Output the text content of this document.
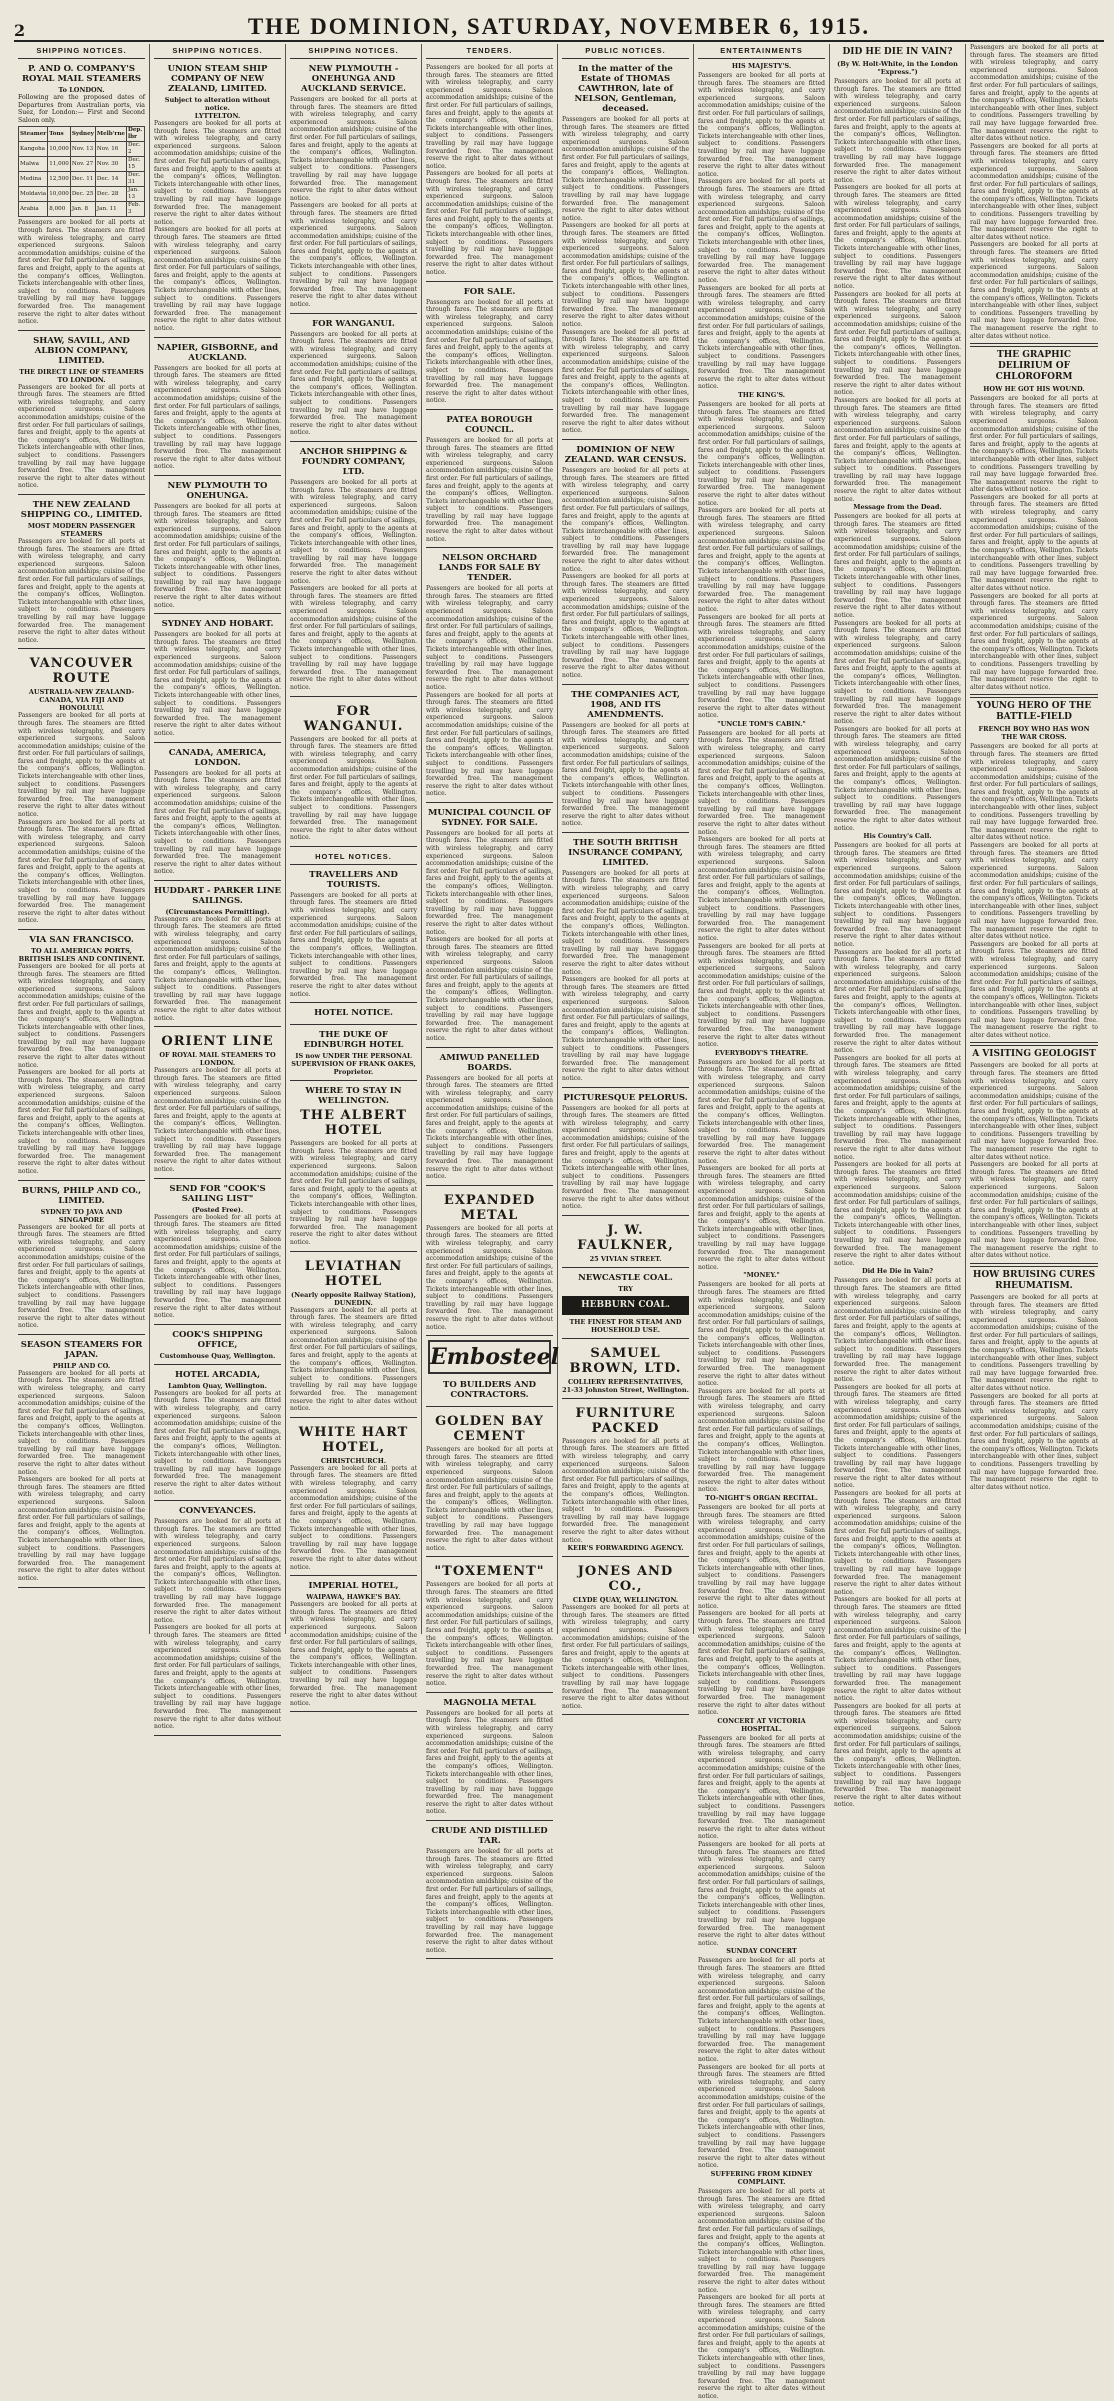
2	THE DOMINION, SATURDAY, NOVEMBER 6, 1915.
SHIPPING NOTICES.
P. AND O. COMPANY'S ROYAL MAIL STEAMERS
To LONDON.
Following are the proposed dates of Departures from Australian ports, via Suez, for London:— First and Second Saloon only.
Steamer	Tons	Sydney	Melb'rne	Dep. lbr
Kangoha	10,000	Nov. 13	Nov. 16	Dec. 2
Malwa	11,000	Nov. 27	Nov. 30	Dec. 15
Medina	12,500	Dec. 11	Dec. 14	Dec. 31
Moldavia	10,000	Dec. 25	Dec. 28	Jan. 13
Arabia	8,000	Jan. 8	Jan. 11	Feb. 3
Passengers are booked for all ports at through fares. The steamers are fitted with wireless telegraphy, and carry experienced surgeons. Saloon accommodation amidships; cuisine of the first order. For full particulars of sailings, fares and freight, apply to the agents at the company's offices, Wellington. Tickets interchangeable with other lines, subject to conditions. Passengers travelling by rail may have luggage forwarded free. The management reserve the right to alter dates without notice.
SHAW, SAVILL, AND ALBION COMPANY, LIMITED.
THE DIRECT LINE OF STEAMERS TO LONDON.
Passengers are booked for all ports at through fares. The steamers are fitted with wireless telegraphy, and carry experienced surgeons. Saloon accommodation amidships; cuisine of the first order. For full particulars of sailings, fares and freight, apply to the agents at the company's offices, Wellington. Tickets interchangeable with other lines, subject to conditions. Passengers travelling by rail may have luggage forwarded free. The management reserve the right to alter dates without notice.
THE NEW ZEALAND SHIPPING CO., LIMITED.
MOST MODERN PASSENGER STEAMERS
Passengers are booked for all ports at through fares. The steamers are fitted with wireless telegraphy, and carry experienced surgeons. Saloon accommodation amidships; cuisine of the first order. For full particulars of sailings, fares and freight, apply to the agents at the company's offices, Wellington. Tickets interchangeable with other lines, subject to conditions. Passengers travelling by rail may have luggage forwarded free. The management reserve the right to alter dates without notice.
VANCOUVER ROUTE
AUSTRALIA-NEW ZEALAND-CANADA, VIA FIJI AND HONOLULU.
Passengers are booked for all ports at through fares. The steamers are fitted with wireless telegraphy, and carry experienced surgeons. Saloon accommodation amidships; cuisine of the first order. For full particulars of sailings, fares and freight, apply to the agents at the company's offices, Wellington. Tickets interchangeable with other lines, subject to conditions. Passengers travelling by rail may have luggage forwarded free. The management reserve the right to alter dates without notice.
Passengers are booked for all ports at through fares. The steamers are fitted with wireless telegraphy, and carry experienced surgeons. Saloon accommodation amidships; cuisine of the first order. For full particulars of sailings, fares and freight, apply to the agents at the company's offices, Wellington. Tickets interchangeable with other lines, subject to conditions. Passengers travelling by rail may have luggage forwarded free. The management reserve the right to alter dates without notice.
VIA SAN FRANCISCO.
TO ALL AMERICAN PORTS, BRITISH ISLES AND CONTINENT.
Passengers are booked for all ports at through fares. The steamers are fitted with wireless telegraphy, and carry experienced surgeons. Saloon accommodation amidships; cuisine of the first order. For full particulars of sailings, fares and freight, apply to the agents at the company's offices, Wellington. Tickets interchangeable with other lines, subject to conditions. Passengers travelling by rail may have luggage forwarded free. The management reserve the right to alter dates without notice.
Passengers are booked for all ports at through fares. The steamers are fitted with wireless telegraphy, and carry experienced surgeons. Saloon accommodation amidships; cuisine of the first order. For full particulars of sailings, fares and freight, apply to the agents at the company's offices, Wellington. Tickets interchangeable with other lines, subject to conditions. Passengers travelling by rail may have luggage forwarded free. The management reserve the right to alter dates without notice.
BURNS, PHILP AND CO., LIMITED.
SYDNEY TO JAVA AND SINGAPORE
Passengers are booked for all ports at through fares. The steamers are fitted with wireless telegraphy, and carry experienced surgeons. Saloon accommodation amidships; cuisine of the first order. For full particulars of sailings, fares and freight, apply to the agents at the company's offices, Wellington. Tickets interchangeable with other lines, subject to conditions. Passengers travelling by rail may have luggage forwarded free. The management reserve the right to alter dates without notice.
SEASON STEAMERS FOR JAPAN.
PHILP AND CO.
Passengers are booked for all ports at through fares. The steamers are fitted with wireless telegraphy, and carry experienced surgeons. Saloon accommodation amidships; cuisine of the first order. For full particulars of sailings, fares and freight, apply to the agents at the company's offices, Wellington. Tickets interchangeable with other lines, subject to conditions. Passengers travelling by rail may have luggage forwarded free. The management reserve the right to alter dates without notice.
Passengers are booked for all ports at through fares. The steamers are fitted with wireless telegraphy, and carry experienced surgeons. Saloon accommodation amidships; cuisine of the first order. For full particulars of sailings, fares and freight, apply to the agents at the company's offices, Wellington. Tickets interchangeable with other lines, subject to conditions. Passengers travelling by rail may have luggage forwarded free. The management reserve the right to alter dates without notice.
SHIPPING NOTICES.
UNION STEAM SHIP COMPANY OF NEW ZEALAND, LIMITED.
Subject to alteration without notice.
LYTTELTON.
Passengers are booked for all ports at through fares. The steamers are fitted with wireless telegraphy, and carry experienced surgeons. Saloon accommodation amidships; cuisine of the first order. For full particulars of sailings, fares and freight, apply to the agents at the company's offices, Wellington. Tickets interchangeable with other lines, subject to conditions. Passengers travelling by rail may have luggage forwarded free. The management reserve the right to alter dates without notice.
Passengers are booked for all ports at through fares. The steamers are fitted with wireless telegraphy, and carry experienced surgeons. Saloon accommodation amidships; cuisine of the first order. For full particulars of sailings, fares and freight, apply to the agents at the company's offices, Wellington. Tickets interchangeable with other lines, subject to conditions. Passengers travelling by rail may have luggage forwarded free. The management reserve the right to alter dates without notice.
NAPIER, GISBORNE, and AUCKLAND.
Passengers are booked for all ports at through fares. The steamers are fitted with wireless telegraphy, and carry experienced surgeons. Saloon accommodation amidships; cuisine of the first order. For full particulars of sailings, fares and freight, apply to the agents at the company's offices, Wellington. Tickets interchangeable with other lines, subject to conditions. Passengers travelling by rail may have luggage forwarded free. The management reserve the right to alter dates without notice.
NEW PLYMOUTH TO ONEHUNGA.
Passengers are booked for all ports at through fares. The steamers are fitted with wireless telegraphy, and carry experienced surgeons. Saloon accommodation amidships; cuisine of the first order. For full particulars of sailings, fares and freight, apply to the agents at the company's offices, Wellington. Tickets interchangeable with other lines, subject to conditions. Passengers travelling by rail may have luggage forwarded free. The management reserve the right to alter dates without notice.
SYDNEY AND HOBART.
Passengers are booked for all ports at through fares. The steamers are fitted with wireless telegraphy, and carry experienced surgeons. Saloon accommodation amidships; cuisine of the first order. For full particulars of sailings, fares and freight, apply to the agents at the company's offices, Wellington. Tickets interchangeable with other lines, subject to conditions. Passengers travelling by rail may have luggage forwarded free. The management reserve the right to alter dates without notice.
CANADA, AMERICA, LONDON.
Passengers are booked for all ports at through fares. The steamers are fitted with wireless telegraphy, and carry experienced surgeons. Saloon accommodation amidships; cuisine of the first order. For full particulars of sailings, fares and freight, apply to the agents at the company's offices, Wellington. Tickets interchangeable with other lines, subject to conditions. Passengers travelling by rail may have luggage forwarded free. The management reserve the right to alter dates without notice.
HUDDART - PARKER LINE SAILINGS.
(Circumstances Permitting).
Passengers are booked for all ports at through fares. The steamers are fitted with wireless telegraphy, and carry experienced surgeons. Saloon accommodation amidships; cuisine of the first order. For full particulars of sailings, fares and freight, apply to the agents at the company's offices, Wellington. Tickets interchangeable with other lines, subject to conditions. Passengers travelling by rail may have luggage forwarded free. The management reserve the right to alter dates without notice.
ORIENT LINE
OF ROYAL MAIL STEAMERS TO LONDON.
Passengers are booked for all ports at through fares. The steamers are fitted with wireless telegraphy, and carry experienced surgeons. Saloon accommodation amidships; cuisine of the first order. For full particulars of sailings, fares and freight, apply to the agents at the company's offices, Wellington. Tickets interchangeable with other lines, subject to conditions. Passengers travelling by rail may have luggage forwarded free. The management reserve the right to alter dates without notice.
SEND FOR "COOK'S SAILING LIST"
(Posted Free).
Passengers are booked for all ports at through fares. The steamers are fitted with wireless telegraphy, and carry experienced surgeons. Saloon accommodation amidships; cuisine of the first order. For full particulars of sailings, fares and freight, apply to the agents at the company's offices, Wellington. Tickets interchangeable with other lines, subject to conditions. Passengers travelling by rail may have luggage forwarded free. The management reserve the right to alter dates without notice.
COOK'S SHIPPING OFFICE,
Customhouse Quay, Wellington.
HOTEL ARCADIA,
Lambton Quay, Wellington.
Passengers are booked for all ports at through fares. The steamers are fitted with wireless telegraphy, and carry experienced surgeons. Saloon accommodation amidships; cuisine of the first order. For full particulars of sailings, fares and freight, apply to the agents at the company's offices, Wellington. Tickets interchangeable with other lines, subject to conditions. Passengers travelling by rail may have luggage forwarded free. The management reserve the right to alter dates without notice.
CONVEYANCES.
Passengers are booked for all ports at through fares. The steamers are fitted with wireless telegraphy, and carry experienced surgeons. Saloon accommodation amidships; cuisine of the first order. For full particulars of sailings, fares and freight, apply to the agents at the company's offices, Wellington. Tickets interchangeable with other lines, subject to conditions. Passengers travelling by rail may have luggage forwarded free. The management reserve the right to alter dates without notice.
Passengers are booked for all ports at through fares. The steamers are fitted with wireless telegraphy, and carry experienced surgeons. Saloon accommodation amidships; cuisine of the first order. For full particulars of sailings, fares and freight, apply to the agents at the company's offices, Wellington. Tickets interchangeable with other lines, subject to conditions. Passengers travelling by rail may have luggage forwarded free. The management reserve the right to alter dates without notice.
SHIPPING NOTICES.
NEW PLYMOUTH - ONEHUNGA AND AUCKLAND SERVICE.
Passengers are booked for all ports at through fares. The steamers are fitted with wireless telegraphy, and carry experienced surgeons. Saloon accommodation amidships; cuisine of the first order. For full particulars of sailings, fares and freight, apply to the agents at the company's offices, Wellington. Tickets interchangeable with other lines, subject to conditions. Passengers travelling by rail may have luggage forwarded free. The management reserve the right to alter dates without notice.
Passengers are booked for all ports at through fares. The steamers are fitted with wireless telegraphy, and carry experienced surgeons. Saloon accommodation amidships; cuisine of the first order. For full particulars of sailings, fares and freight, apply to the agents at the company's offices, Wellington. Tickets interchangeable with other lines, subject to conditions. Passengers travelling by rail may have luggage forwarded free. The management reserve the right to alter dates without notice.
FOR WANGANUI.
Passengers are booked for all ports at through fares. The steamers are fitted with wireless telegraphy, and carry experienced surgeons. Saloon accommodation amidships; cuisine of the first order. For full particulars of sailings, fares and freight, apply to the agents at the company's offices, Wellington. Tickets interchangeable with other lines, subject to conditions. Passengers travelling by rail may have luggage forwarded free. The management reserve the right to alter dates without notice.
ANCHOR SHIPPING & FOUNDRY COMPANY, LTD.
Passengers are booked for all ports at through fares. The steamers are fitted with wireless telegraphy, and carry experienced surgeons. Saloon accommodation amidships; cuisine of the first order. For full particulars of sailings, fares and freight, apply to the agents at the company's offices, Wellington. Tickets interchangeable with other lines, subject to conditions. Passengers travelling by rail may have luggage forwarded free. The management reserve the right to alter dates without notice.
Passengers are booked for all ports at through fares. The steamers are fitted with wireless telegraphy, and carry experienced surgeons. Saloon accommodation amidships; cuisine of the first order. For full particulars of sailings, fares and freight, apply to the agents at the company's offices, Wellington. Tickets interchangeable with other lines, subject to conditions. Passengers travelling by rail may have luggage forwarded free. The management reserve the right to alter dates without notice.
FOR WANGANUI.
Passengers are booked for all ports at through fares. The steamers are fitted with wireless telegraphy, and carry experienced surgeons. Saloon accommodation amidships; cuisine of the first order. For full particulars of sailings, fares and freight, apply to the agents at the company's offices, Wellington. Tickets interchangeable with other lines, subject to conditions. Passengers travelling by rail may have luggage forwarded free. The management reserve the right to alter dates without notice.
HOTEL NOTICES.
TRAVELLERS AND TOURISTS.
Passengers are booked for all ports at through fares. The steamers are fitted with wireless telegraphy, and carry experienced surgeons. Saloon accommodation amidships; cuisine of the first order. For full particulars of sailings, fares and freight, apply to the agents at the company's offices, Wellington. Tickets interchangeable with other lines, subject to conditions. Passengers travelling by rail may have luggage forwarded free. The management reserve the right to alter dates without notice.
HOTEL NOTICE.
THE DUKE OF EDINBURGH HOTEL
IS now UNDER THE PERSONAL SUPERVISION OF FRANK OAKES, Proprietor.
WHERE TO STAY IN WELLINGTON.
THE ALBERT HOTEL
Passengers are booked for all ports at through fares. The steamers are fitted with wireless telegraphy, and carry experienced surgeons. Saloon accommodation amidships; cuisine of the first order. For full particulars of sailings, fares and freight, apply to the agents at the company's offices, Wellington. Tickets interchangeable with other lines, subject to conditions. Passengers travelling by rail may have luggage forwarded free. The management reserve the right to alter dates without notice.
LEVIATHAN HOTEL
(Nearly opposite Railway Station), DUNEDIN.
Passengers are booked for all ports at through fares. The steamers are fitted with wireless telegraphy, and carry experienced surgeons. Saloon accommodation amidships; cuisine of the first order. For full particulars of sailings, fares and freight, apply to the agents at the company's offices, Wellington. Tickets interchangeable with other lines, subject to conditions. Passengers travelling by rail may have luggage forwarded free. The management reserve the right to alter dates without notice.
WHITE HART HOTEL,
CHRISTCHURCH.
Passengers are booked for all ports at through fares. The steamers are fitted with wireless telegraphy, and carry experienced surgeons. Saloon accommodation amidships; cuisine of the first order. For full particulars of sailings, fares and freight, apply to the agents at the company's offices, Wellington. Tickets interchangeable with other lines, subject to conditions. Passengers travelling by rail may have luggage forwarded free. The management reserve the right to alter dates without notice.
IMPERIAL HOTEL,
WAIPAWA, HAWKE'S BAY.
Passengers are booked for all ports at through fares. The steamers are fitted with wireless telegraphy, and carry experienced surgeons. Saloon accommodation amidships; cuisine of the first order. For full particulars of sailings, fares and freight, apply to the agents at the company's offices, Wellington. Tickets interchangeable with other lines, subject to conditions. Passengers travelling by rail may have luggage forwarded free. The management reserve the right to alter dates without notice.
TENDERS.
Passengers are booked for all ports at through fares. The steamers are fitted with wireless telegraphy, and carry experienced surgeons. Saloon accommodation amidships; cuisine of the first order. For full particulars of sailings, fares and freight, apply to the agents at the company's offices, Wellington. Tickets interchangeable with other lines, subject to conditions. Passengers travelling by rail may have luggage forwarded free. The management reserve the right to alter dates without notice.
Passengers are booked for all ports at through fares. The steamers are fitted with wireless telegraphy, and carry experienced surgeons. Saloon accommodation amidships; cuisine of the first order. For full particulars of sailings, fares and freight, apply to the agents at the company's offices, Wellington. Tickets interchangeable with other lines, subject to conditions. Passengers travelling by rail may have luggage forwarded free. The management reserve the right to alter dates without notice.
FOR SALE.
Passengers are booked for all ports at through fares. The steamers are fitted with wireless telegraphy, and carry experienced surgeons. Saloon accommodation amidships; cuisine of the first order. For full particulars of sailings, fares and freight, apply to the agents at the company's offices, Wellington. Tickets interchangeable with other lines, subject to conditions. Passengers travelling by rail may have luggage forwarded free. The management reserve the right to alter dates without notice.
PATEA BOROUGH COUNCIL.
Passengers are booked for all ports at through fares. The steamers are fitted with wireless telegraphy, and carry experienced surgeons. Saloon accommodation amidships; cuisine of the first order. For full particulars of sailings, fares and freight, apply to the agents at the company's offices, Wellington. Tickets interchangeable with other lines, subject to conditions. Passengers travelling by rail may have luggage forwarded free. The management reserve the right to alter dates without notice.
NELSON ORCHARD LANDS FOR SALE BY TENDER.
Passengers are booked for all ports at through fares. The steamers are fitted with wireless telegraphy, and carry experienced surgeons. Saloon accommodation amidships; cuisine of the first order. For full particulars of sailings, fares and freight, apply to the agents at the company's offices, Wellington. Tickets interchangeable with other lines, subject to conditions. Passengers travelling by rail may have luggage forwarded free. The management reserve the right to alter dates without notice.
Passengers are booked for all ports at through fares. The steamers are fitted with wireless telegraphy, and carry experienced surgeons. Saloon accommodation amidships; cuisine of the first order. For full particulars of sailings, fares and freight, apply to the agents at the company's offices, Wellington. Tickets interchangeable with other lines, subject to conditions. Passengers travelling by rail may have luggage forwarded free. The management reserve the right to alter dates without notice.
MUNICIPAL COUNCIL OF SYDNEY. FOR SALE.
Passengers are booked for all ports at through fares. The steamers are fitted with wireless telegraphy, and carry experienced surgeons. Saloon accommodation amidships; cuisine of the first order. For full particulars of sailings, fares and freight, apply to the agents at the company's offices, Wellington. Tickets interchangeable with other lines, subject to conditions. Passengers travelling by rail may have luggage forwarded free. The management reserve the right to alter dates without notice.
Passengers are booked for all ports at through fares. The steamers are fitted with wireless telegraphy, and carry experienced surgeons. Saloon accommodation amidships; cuisine of the first order. For full particulars of sailings, fares and freight, apply to the agents at the company's offices, Wellington. Tickets interchangeable with other lines, subject to conditions. Passengers travelling by rail may have luggage forwarded free. The management reserve the right to alter dates without notice.
AMIWUD PANELLED BOARDS.
Passengers are booked for all ports at through fares. The steamers are fitted with wireless telegraphy, and carry experienced surgeons. Saloon accommodation amidships; cuisine of the first order. For full particulars of sailings, fares and freight, apply to the agents at the company's offices, Wellington. Tickets interchangeable with other lines, subject to conditions. Passengers travelling by rail may have luggage forwarded free. The management reserve the right to alter dates without notice.
EXPANDED METAL
Passengers are booked for all ports at through fares. The steamers are fitted with wireless telegraphy, and carry experienced surgeons. Saloon accommodation amidships; cuisine of the first order. For full particulars of sailings, fares and freight, apply to the agents at the company's offices, Wellington. Tickets interchangeable with other lines, subject to conditions. Passengers travelling by rail may have luggage forwarded free. The management reserve the right to alter dates without notice.
Embosteel
TO BUILDERS AND CONTRACTORS.
GOLDEN BAY CEMENT
Passengers are booked for all ports at through fares. The steamers are fitted with wireless telegraphy, and carry experienced surgeons. Saloon accommodation amidships; cuisine of the first order. For full particulars of sailings, fares and freight, apply to the agents at the company's offices, Wellington. Tickets interchangeable with other lines, subject to conditions. Passengers travelling by rail may have luggage forwarded free. The management reserve the right to alter dates without notice.
"TOXEMENT"
Passengers are booked for all ports at through fares. The steamers are fitted with wireless telegraphy, and carry experienced surgeons. Saloon accommodation amidships; cuisine of the first order. For full particulars of sailings, fares and freight, apply to the agents at the company's offices, Wellington. Tickets interchangeable with other lines, subject to conditions. Passengers travelling by rail may have luggage forwarded free. The management reserve the right to alter dates without notice.
MAGNOLIA METAL
Passengers are booked for all ports at through fares. The steamers are fitted with wireless telegraphy, and carry experienced surgeons. Saloon accommodation amidships; cuisine of the first order. For full particulars of sailings, fares and freight, apply to the agents at the company's offices, Wellington. Tickets interchangeable with other lines, subject to conditions. Passengers travelling by rail may have luggage forwarded free. The management reserve the right to alter dates without notice.
CRUDE AND DISTILLED TAR.
Passengers are booked for all ports at through fares. The steamers are fitted with wireless telegraphy, and carry experienced surgeons. Saloon accommodation amidships; cuisine of the first order. For full particulars of sailings, fares and freight, apply to the agents at the company's offices, Wellington. Tickets interchangeable with other lines, subject to conditions. Passengers travelling by rail may have luggage forwarded free. The management reserve the right to alter dates without notice.
PUBLIC NOTICES.
In the matter of the Estate of THOMAS CAWTHRON, late of NELSON, Gentleman, deceased.
Passengers are booked for all ports at through fares. The steamers are fitted with wireless telegraphy, and carry experienced surgeons. Saloon accommodation amidships; cuisine of the first order. For full particulars of sailings, fares and freight, apply to the agents at the company's offices, Wellington. Tickets interchangeable with other lines, subject to conditions. Passengers travelling by rail may have luggage forwarded free. The management reserve the right to alter dates without notice.
Passengers are booked for all ports at through fares. The steamers are fitted with wireless telegraphy, and carry experienced surgeons. Saloon accommodation amidships; cuisine of the first order. For full particulars of sailings, fares and freight, apply to the agents at the company's offices, Wellington. Tickets interchangeable with other lines, subject to conditions. Passengers travelling by rail may have luggage forwarded free. The management reserve the right to alter dates without notice.
Passengers are booked for all ports at through fares. The steamers are fitted with wireless telegraphy, and carry experienced surgeons. Saloon accommodation amidships; cuisine of the first order. For full particulars of sailings, fares and freight, apply to the agents at the company's offices, Wellington. Tickets interchangeable with other lines, subject to conditions. Passengers travelling by rail may have luggage forwarded free. The management reserve the right to alter dates without notice.
DOMINION OF NEW ZEALAND. WAR CENSUS.
Passengers are booked for all ports at through fares. The steamers are fitted with wireless telegraphy, and carry experienced surgeons. Saloon accommodation amidships; cuisine of the first order. For full particulars of sailings, fares and freight, apply to the agents at the company's offices, Wellington. Tickets interchangeable with other lines, subject to conditions. Passengers travelling by rail may have luggage forwarded free. The management reserve the right to alter dates without notice.
Passengers are booked for all ports at through fares. The steamers are fitted with wireless telegraphy, and carry experienced surgeons. Saloon accommodation amidships; cuisine of the first order. For full particulars of sailings, fares and freight, apply to the agents at the company's offices, Wellington. Tickets interchangeable with other lines, subject to conditions. Passengers travelling by rail may have luggage forwarded free. The management reserve the right to alter dates without notice.
THE COMPANIES ACT, 1908, AND ITS AMENDMENTS.
Passengers are booked for all ports at through fares. The steamers are fitted with wireless telegraphy, and carry experienced surgeons. Saloon accommodation amidships; cuisine of the first order. For full particulars of sailings, fares and freight, apply to the agents at the company's offices, Wellington. Tickets interchangeable with other lines, subject to conditions. Passengers travelling by rail may have luggage forwarded free. The management reserve the right to alter dates without notice.
THE SOUTH BRITISH INSURANCE COMPANY, LIMITED.
Passengers are booked for all ports at through fares. The steamers are fitted with wireless telegraphy, and carry experienced surgeons. Saloon accommodation amidships; cuisine of the first order. For full particulars of sailings, fares and freight, apply to the agents at the company's offices, Wellington. Tickets interchangeable with other lines, subject to conditions. Passengers travelling by rail may have luggage forwarded free. The management reserve the right to alter dates without notice.
Passengers are booked for all ports at through fares. The steamers are fitted with wireless telegraphy, and carry experienced surgeons. Saloon accommodation amidships; cuisine of the first order. For full particulars of sailings, fares and freight, apply to the agents at the company's offices, Wellington. Tickets interchangeable with other lines, subject to conditions. Passengers travelling by rail may have luggage forwarded free. The management reserve the right to alter dates without notice.
PICTURESQUE PELORUS.
Passengers are booked for all ports at through fares. The steamers are fitted with wireless telegraphy, and carry experienced surgeons. Saloon accommodation amidships; cuisine of the first order. For full particulars of sailings, fares and freight, apply to the agents at the company's offices, Wellington. Tickets interchangeable with other lines, subject to conditions. Passengers travelling by rail may have luggage forwarded free. The management reserve the right to alter dates without notice.
J. W. FAULKNER,
25 VIVIAN STREET.
NEWCASTLE COAL.
TRY
HEBBURN COAL.
THE FINEST FOR STEAM AND HOUSEHOLD USE.
SAMUEL BROWN, LTD.
COLLIERY REPRESENTATIVES, 21-33 Johnston Street, Wellington.
FURNITURE PACKED
Passengers are booked for all ports at through fares. The steamers are fitted with wireless telegraphy, and carry experienced surgeons. Saloon accommodation amidships; cuisine of the first order. For full particulars of sailings, fares and freight, apply to the agents at the company's offices, Wellington. Tickets interchangeable with other lines, subject to conditions. Passengers travelling by rail may have luggage forwarded free. The management reserve the right to alter dates without notice.
KEIR'S FORWARDING AGENCY.
JONES AND CO.,
CLYDE QUAY, WELLINGTON.
Passengers are booked for all ports at through fares. The steamers are fitted with wireless telegraphy, and carry experienced surgeons. Saloon accommodation amidships; cuisine of the first order. For full particulars of sailings, fares and freight, apply to the agents at the company's offices, Wellington. Tickets interchangeable with other lines, subject to conditions. Passengers travelling by rail may have luggage forwarded free. The management reserve the right to alter dates without notice.
ENTERTAINMENTS
HIS MAJESTY'S.
Passengers are booked for all ports at through fares. The steamers are fitted with wireless telegraphy, and carry experienced surgeons. Saloon accommodation amidships; cuisine of the first order. For full particulars of sailings, fares and freight, apply to the agents at the company's offices, Wellington. Tickets interchangeable with other lines, subject to conditions. Passengers travelling by rail may have luggage forwarded free. The management reserve the right to alter dates without notice.
Passengers are booked for all ports at through fares. The steamers are fitted with wireless telegraphy, and carry experienced surgeons. Saloon accommodation amidships; cuisine of the first order. For full particulars of sailings, fares and freight, apply to the agents at the company's offices, Wellington. Tickets interchangeable with other lines, subject to conditions. Passengers travelling by rail may have luggage forwarded free. The management reserve the right to alter dates without notice.
Passengers are booked for all ports at through fares. The steamers are fitted with wireless telegraphy, and carry experienced surgeons. Saloon accommodation amidships; cuisine of the first order. For full particulars of sailings, fares and freight, apply to the agents at the company's offices, Wellington. Tickets interchangeable with other lines, subject to conditions. Passengers travelling by rail may have luggage forwarded free. The management reserve the right to alter dates without notice.
THE KING'S.
Passengers are booked for all ports at through fares. The steamers are fitted with wireless telegraphy, and carry experienced surgeons. Saloon accommodation amidships; cuisine of the first order. For full particulars of sailings, fares and freight, apply to the agents at the company's offices, Wellington. Tickets interchangeable with other lines, subject to conditions. Passengers travelling by rail may have luggage forwarded free. The management reserve the right to alter dates without notice.
Passengers are booked for all ports at through fares. The steamers are fitted with wireless telegraphy, and carry experienced surgeons. Saloon accommodation amidships; cuisine of the first order. For full particulars of sailings, fares and freight, apply to the agents at the company's offices, Wellington. Tickets interchangeable with other lines, subject to conditions. Passengers travelling by rail may have luggage forwarded free. The management reserve the right to alter dates without notice.
Passengers are booked for all ports at through fares. The steamers are fitted with wireless telegraphy, and carry experienced surgeons. Saloon accommodation amidships; cuisine of the first order. For full particulars of sailings, fares and freight, apply to the agents at the company's offices, Wellington. Tickets interchangeable with other lines, subject to conditions. Passengers travelling by rail may have luggage forwarded free. The management reserve the right to alter dates without notice.
"UNCLE TOM'S CABIN."
Passengers are booked for all ports at through fares. The steamers are fitted with wireless telegraphy, and carry experienced surgeons. Saloon accommodation amidships; cuisine of the first order. For full particulars of sailings, fares and freight, apply to the agents at the company's offices, Wellington. Tickets interchangeable with other lines, subject to conditions. Passengers travelling by rail may have luggage forwarded free. The management reserve the right to alter dates without notice.
Passengers are booked for all ports at through fares. The steamers are fitted with wireless telegraphy, and carry experienced surgeons. Saloon accommodation amidships; cuisine of the first order. For full particulars of sailings, fares and freight, apply to the agents at the company's offices, Wellington. Tickets interchangeable with other lines, subject to conditions. Passengers travelling by rail may have luggage forwarded free. The management reserve the right to alter dates without notice.
Passengers are booked for all ports at through fares. The steamers are fitted with wireless telegraphy, and carry experienced surgeons. Saloon accommodation amidships; cuisine of the first order. For full particulars of sailings, fares and freight, apply to the agents at the company's offices, Wellington. Tickets interchangeable with other lines, subject to conditions. Passengers travelling by rail may have luggage forwarded free. The management reserve the right to alter dates without notice.
EVERYBODY'S THEATRE.
Passengers are booked for all ports at through fares. The steamers are fitted with wireless telegraphy, and carry experienced surgeons. Saloon accommodation amidships; cuisine of the first order. For full particulars of sailings, fares and freight, apply to the agents at the company's offices, Wellington. Tickets interchangeable with other lines, subject to conditions. Passengers travelling by rail may have luggage forwarded free. The management reserve the right to alter dates without notice.
Passengers are booked for all ports at through fares. The steamers are fitted with wireless telegraphy, and carry experienced surgeons. Saloon accommodation amidships; cuisine of the first order. For full particulars of sailings, fares and freight, apply to the agents at the company's offices, Wellington. Tickets interchangeable with other lines, subject to conditions. Passengers travelling by rail may have luggage forwarded free. The management reserve the right to alter dates without notice.
"MONEY."
Passengers are booked for all ports at through fares. The steamers are fitted with wireless telegraphy, and carry experienced surgeons. Saloon accommodation amidships; cuisine of the first order. For full particulars of sailings, fares and freight, apply to the agents at the company's offices, Wellington. Tickets interchangeable with other lines, subject to conditions. Passengers travelling by rail may have luggage forwarded free. The management reserve the right to alter dates without notice.
Passengers are booked for all ports at through fares. The steamers are fitted with wireless telegraphy, and carry experienced surgeons. Saloon accommodation amidships; cuisine of the first order. For full particulars of sailings, fares and freight, apply to the agents at the company's offices, Wellington. Tickets interchangeable with other lines, subject to conditions. Passengers travelling by rail may have luggage forwarded free. The management reserve the right to alter dates without notice.
TO-NIGHT'S ORGAN RECITAL.
Passengers are booked for all ports at through fares. The steamers are fitted with wireless telegraphy, and carry experienced surgeons. Saloon accommodation amidships; cuisine of the first order. For full particulars of sailings, fares and freight, apply to the agents at the company's offices, Wellington. Tickets interchangeable with other lines, subject to conditions. Passengers travelling by rail may have luggage forwarded free. The management reserve the right to alter dates without notice.
Passengers are booked for all ports at through fares. The steamers are fitted with wireless telegraphy, and carry experienced surgeons. Saloon accommodation amidships; cuisine of the first order. For full particulars of sailings, fares and freight, apply to the agents at the company's offices, Wellington. Tickets interchangeable with other lines, subject to conditions. Passengers travelling by rail may have luggage forwarded free. The management reserve the right to alter dates without notice.
CONCERT AT VICTORIA HOSPITAL.
Passengers are booked for all ports at through fares. The steamers are fitted with wireless telegraphy, and carry experienced surgeons. Saloon accommodation amidships; cuisine of the first order. For full particulars of sailings, fares and freight, apply to the agents at the company's offices, Wellington. Tickets interchangeable with other lines, subject to conditions. Passengers travelling by rail may have luggage forwarded free. The management reserve the right to alter dates without notice.
Passengers are booked for all ports at through fares. The steamers are fitted with wireless telegraphy, and carry experienced surgeons. Saloon accommodation amidships; cuisine of the first order. For full particulars of sailings, fares and freight, apply to the agents at the company's offices, Wellington. Tickets interchangeable with other lines, subject to conditions. Passengers travelling by rail may have luggage forwarded free. The management reserve the right to alter dates without notice.
SUNDAY CONCERT
Passengers are booked for all ports at through fares. The steamers are fitted with wireless telegraphy, and carry experienced surgeons. Saloon accommodation amidships; cuisine of the first order. For full particulars of sailings, fares and freight, apply to the agents at the company's offices, Wellington. Tickets interchangeable with other lines, subject to conditions. Passengers travelling by rail may have luggage forwarded free. The management reserve the right to alter dates without notice.
Passengers are booked for all ports at through fares. The steamers are fitted with wireless telegraphy, and carry experienced surgeons. Saloon accommodation amidships; cuisine of the first order. For full particulars of sailings, fares and freight, apply to the agents at the company's offices, Wellington. Tickets interchangeable with other lines, subject to conditions. Passengers travelling by rail may have luggage forwarded free. The management reserve the right to alter dates without notice.
SUFFERING FROM KIDNEY COMPLAINT.
Passengers are booked for all ports at through fares. The steamers are fitted with wireless telegraphy, and carry experienced surgeons. Saloon accommodation amidships; cuisine of the first order. For full particulars of sailings, fares and freight, apply to the agents at the company's offices, Wellington. Tickets interchangeable with other lines, subject to conditions. Passengers travelling by rail may have luggage forwarded free. The management reserve the right to alter dates without notice.
Passengers are booked for all ports at through fares. The steamers are fitted with wireless telegraphy, and carry experienced surgeons. Saloon accommodation amidships; cuisine of the first order. For full particulars of sailings, fares and freight, apply to the agents at the company's offices, Wellington. Tickets interchangeable with other lines, subject to conditions. Passengers travelling by rail may have luggage forwarded free. The management reserve the right to alter dates without notice.
DID HE DIE IN VAIN?
(By W. Holt-White, in the London "Express.")
Passengers are booked for all ports at through fares. The steamers are fitted with wireless telegraphy, and carry experienced surgeons. Saloon accommodation amidships; cuisine of the first order. For full particulars of sailings, fares and freight, apply to the agents at the company's offices, Wellington. Tickets interchangeable with other lines, subject to conditions. Passengers travelling by rail may have luggage forwarded free. The management reserve the right to alter dates without notice.
Passengers are booked for all ports at through fares. The steamers are fitted with wireless telegraphy, and carry experienced surgeons. Saloon accommodation amidships; cuisine of the first order. For full particulars of sailings, fares and freight, apply to the agents at the company's offices, Wellington. Tickets interchangeable with other lines, subject to conditions. Passengers travelling by rail may have luggage forwarded free. The management reserve the right to alter dates without notice.
Passengers are booked for all ports at through fares. The steamers are fitted with wireless telegraphy, and carry experienced surgeons. Saloon accommodation amidships; cuisine of the first order. For full particulars of sailings, fares and freight, apply to the agents at the company's offices, Wellington. Tickets interchangeable with other lines, subject to conditions. Passengers travelling by rail may have luggage forwarded free. The management reserve the right to alter dates without notice.
Passengers are booked for all ports at through fares. The steamers are fitted with wireless telegraphy, and carry experienced surgeons. Saloon accommodation amidships; cuisine of the first order. For full particulars of sailings, fares and freight, apply to the agents at the company's offices, Wellington. Tickets interchangeable with other lines, subject to conditions. Passengers travelling by rail may have luggage forwarded free. The management reserve the right to alter dates without notice.
Message from the Dead.
Passengers are booked for all ports at through fares. The steamers are fitted with wireless telegraphy, and carry experienced surgeons. Saloon accommodation amidships; cuisine of the first order. For full particulars of sailings, fares and freight, apply to the agents at the company's offices, Wellington. Tickets interchangeable with other lines, subject to conditions. Passengers travelling by rail may have luggage forwarded free. The management reserve the right to alter dates without notice.
Passengers are booked for all ports at through fares. The steamers are fitted with wireless telegraphy, and carry experienced surgeons. Saloon accommodation amidships; cuisine of the first order. For full particulars of sailings, fares and freight, apply to the agents at the company's offices, Wellington. Tickets interchangeable with other lines, subject to conditions. Passengers travelling by rail may have luggage forwarded free. The management reserve the right to alter dates without notice.
Passengers are booked for all ports at through fares. The steamers are fitted with wireless telegraphy, and carry experienced surgeons. Saloon accommodation amidships; cuisine of the first order. For full particulars of sailings, fares and freight, apply to the agents at the company's offices, Wellington. Tickets interchangeable with other lines, subject to conditions. Passengers travelling by rail may have luggage forwarded free. The management reserve the right to alter dates without notice.
His Country's Call.
Passengers are booked for all ports at through fares. The steamers are fitted with wireless telegraphy, and carry experienced surgeons. Saloon accommodation amidships; cuisine of the first order. For full particulars of sailings, fares and freight, apply to the agents at the company's offices, Wellington. Tickets interchangeable with other lines, subject to conditions. Passengers travelling by rail may have luggage forwarded free. The management reserve the right to alter dates without notice.
Passengers are booked for all ports at through fares. The steamers are fitted with wireless telegraphy, and carry experienced surgeons. Saloon accommodation amidships; cuisine of the first order. For full particulars of sailings, fares and freight, apply to the agents at the company's offices, Wellington. Tickets interchangeable with other lines, subject to conditions. Passengers travelling by rail may have luggage forwarded free. The management reserve the right to alter dates without notice.
Passengers are booked for all ports at through fares. The steamers are fitted with wireless telegraphy, and carry experienced surgeons. Saloon accommodation amidships; cuisine of the first order. For full particulars of sailings, fares and freight, apply to the agents at the company's offices, Wellington. Tickets interchangeable with other lines, subject to conditions. Passengers travelling by rail may have luggage forwarded free. The management reserve the right to alter dates without notice.
Passengers are booked for all ports at through fares. The steamers are fitted with wireless telegraphy, and carry experienced surgeons. Saloon accommodation amidships; cuisine of the first order. For full particulars of sailings, fares and freight, apply to the agents at the company's offices, Wellington. Tickets interchangeable with other lines, subject to conditions. Passengers travelling by rail may have luggage forwarded free. The management reserve the right to alter dates without notice.
Did He Die in Vain?
Passengers are booked for all ports at through fares. The steamers are fitted with wireless telegraphy, and carry experienced surgeons. Saloon accommodation amidships; cuisine of the first order. For full particulars of sailings, fares and freight, apply to the agents at the company's offices, Wellington. Tickets interchangeable with other lines, subject to conditions. Passengers travelling by rail may have luggage forwarded free. The management reserve the right to alter dates without notice.
Passengers are booked for all ports at through fares. The steamers are fitted with wireless telegraphy, and carry experienced surgeons. Saloon accommodation amidships; cuisine of the first order. For full particulars of sailings, fares and freight, apply to the agents at the company's offices, Wellington. Tickets interchangeable with other lines, subject to conditions. Passengers travelling by rail may have luggage forwarded free. The management reserve the right to alter dates without notice.
Passengers are booked for all ports at through fares. The steamers are fitted with wireless telegraphy, and carry experienced surgeons. Saloon accommodation amidships; cuisine of the first order. For full particulars of sailings, fares and freight, apply to the agents at the company's offices, Wellington. Tickets interchangeable with other lines, subject to conditions. Passengers travelling by rail may have luggage forwarded free. The management reserve the right to alter dates without notice.
Passengers are booked for all ports at through fares. The steamers are fitted with wireless telegraphy, and carry experienced surgeons. Saloon accommodation amidships; cuisine of the first order. For full particulars of sailings, fares and freight, apply to the agents at the company's offices, Wellington. Tickets interchangeable with other lines, subject to conditions. Passengers travelling by rail may have luggage forwarded free. The management reserve the right to alter dates without notice.
Passengers are booked for all ports at through fares. The steamers are fitted with wireless telegraphy, and carry experienced surgeons. Saloon accommodation amidships; cuisine of the first order. For full particulars of sailings, fares and freight, apply to the agents at the company's offices, Wellington. Tickets interchangeable with other lines, subject to conditions. Passengers travelling by rail may have luggage forwarded free. The management reserve the right to alter dates without notice.
Passengers are booked for all ports at through fares. The steamers are fitted with wireless telegraphy, and carry experienced surgeons. Saloon accommodation amidships; cuisine of the first order. For full particulars of sailings, fares and freight, apply to the agents at the company's offices, Wellington. Tickets interchangeable with other lines, subject to conditions. Passengers travelling by rail may have luggage forwarded free. The management reserve the right to alter dates without notice.
Passengers are booked for all ports at through fares. The steamers are fitted with wireless telegraphy, and carry experienced surgeons. Saloon accommodation amidships; cuisine of the first order. For full particulars of sailings, fares and freight, apply to the agents at the company's offices, Wellington. Tickets interchangeable with other lines, subject to conditions. Passengers travelling by rail may have luggage forwarded free. The management reserve the right to alter dates without notice.
Passengers are booked for all ports at through fares. The steamers are fitted with wireless telegraphy, and carry experienced surgeons. Saloon accommodation amidships; cuisine of the first order. For full particulars of sailings, fares and freight, apply to the agents at the company's offices, Wellington. Tickets interchangeable with other lines, subject to conditions. Passengers travelling by rail may have luggage forwarded free. The management reserve the right to alter dates without notice.
THE GRAPHIC DELIRIUM OF CHLOROFORM
HOW HE GOT HIS WOUND.
Passengers are booked for all ports at through fares. The steamers are fitted with wireless telegraphy, and carry experienced surgeons. Saloon accommodation amidships; cuisine of the first order. For full particulars of sailings, fares and freight, apply to the agents at the company's offices, Wellington. Tickets interchangeable with other lines, subject to conditions. Passengers travelling by rail may have luggage forwarded free. The management reserve the right to alter dates without notice.
Passengers are booked for all ports at through fares. The steamers are fitted with wireless telegraphy, and carry experienced surgeons. Saloon accommodation amidships; cuisine of the first order. For full particulars of sailings, fares and freight, apply to the agents at the company's offices, Wellington. Tickets interchangeable with other lines, subject to conditions. Passengers travelling by rail may have luggage forwarded free. The management reserve the right to alter dates without notice.
Passengers are booked for all ports at through fares. The steamers are fitted with wireless telegraphy, and carry experienced surgeons. Saloon accommodation amidships; cuisine of the first order. For full particulars of sailings, fares and freight, apply to the agents at the company's offices, Wellington. Tickets interchangeable with other lines, subject to conditions. Passengers travelling by rail may have luggage forwarded free. The management reserve the right to alter dates without notice.
YOUNG HERO OF THE BATTLE-FIELD
FRENCH BOY WHO HAS WON THE WAR CROSS.
Passengers are booked for all ports at through fares. The steamers are fitted with wireless telegraphy, and carry experienced surgeons. Saloon accommodation amidships; cuisine of the first order. For full particulars of sailings, fares and freight, apply to the agents at the company's offices, Wellington. Tickets interchangeable with other lines, subject to conditions. Passengers travelling by rail may have luggage forwarded free. The management reserve the right to alter dates without notice.
Passengers are booked for all ports at through fares. The steamers are fitted with wireless telegraphy, and carry experienced surgeons. Saloon accommodation amidships; cuisine of the first order. For full particulars of sailings, fares and freight, apply to the agents at the company's offices, Wellington. Tickets interchangeable with other lines, subject to conditions. Passengers travelling by rail may have luggage forwarded free. The management reserve the right to alter dates without notice.
Passengers are booked for all ports at through fares. The steamers are fitted with wireless telegraphy, and carry experienced surgeons. Saloon accommodation amidships; cuisine of the first order. For full particulars of sailings, fares and freight, apply to the agents at the company's offices, Wellington. Tickets interchangeable with other lines, subject to conditions. Passengers travelling by rail may have luggage forwarded free. The management reserve the right to alter dates without notice.
A VISITING GEOLOGIST
Passengers are booked for all ports at through fares. The steamers are fitted with wireless telegraphy, and carry experienced surgeons. Saloon accommodation amidships; cuisine of the first order. For full particulars of sailings, fares and freight, apply to the agents at the company's offices, Wellington. Tickets interchangeable with other lines, subject to conditions. Passengers travelling by rail may have luggage forwarded free. The management reserve the right to alter dates without notice.
Passengers are booked for all ports at through fares. The steamers are fitted with wireless telegraphy, and carry experienced surgeons. Saloon accommodation amidships; cuisine of the first order. For full particulars of sailings, fares and freight, apply to the agents at the company's offices, Wellington. Tickets interchangeable with other lines, subject to conditions. Passengers travelling by rail may have luggage forwarded free. The management reserve the right to alter dates without notice.
HOW BRUISING CURES RHEUMATISM.
Passengers are booked for all ports at through fares. The steamers are fitted with wireless telegraphy, and carry experienced surgeons. Saloon accommodation amidships; cuisine of the first order. For full particulars of sailings, fares and freight, apply to the agents at the company's offices, Wellington. Tickets interchangeable with other lines, subject to conditions. Passengers travelling by rail may have luggage forwarded free. The management reserve the right to alter dates without notice.
Passengers are booked for all ports at through fares. The steamers are fitted with wireless telegraphy, and carry experienced surgeons. Saloon accommodation amidships; cuisine of the first order. For full particulars of sailings, fares and freight, apply to the agents at the company's offices, Wellington. Tickets interchangeable with other lines, subject to conditions. Passengers travelling by rail may have luggage forwarded free. The management reserve the right to alter dates without notice.
